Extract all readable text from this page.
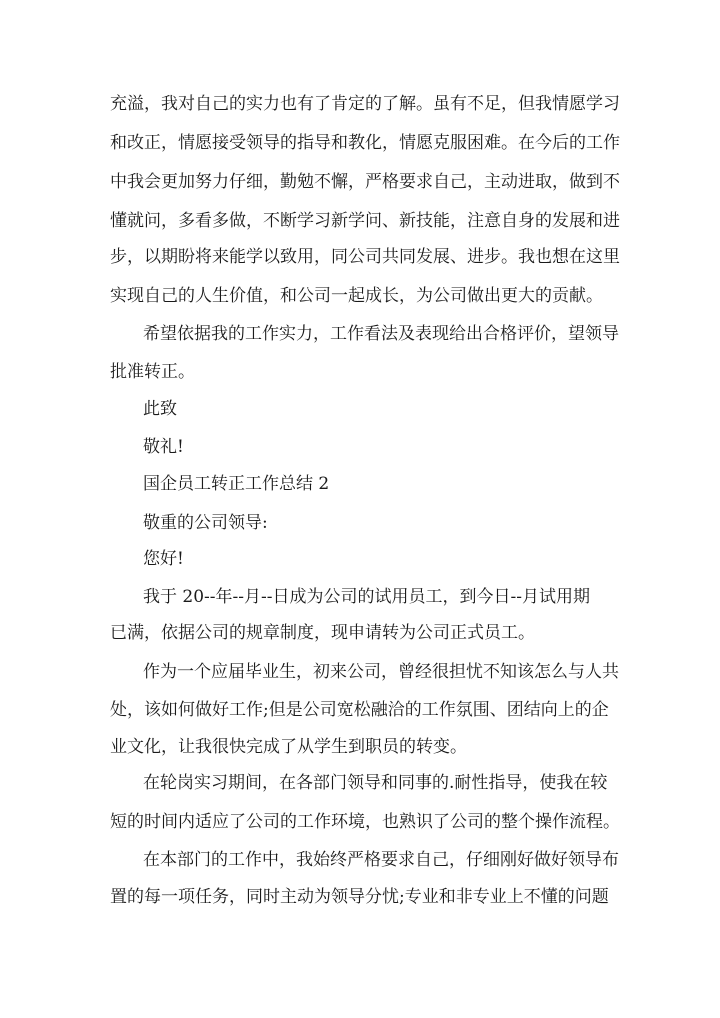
充溢，我对自己的实力也有了肯定的了解。虽有不足，但我情愿学习
和改正，情愿接受领导的指导和教化，情愿克服困难。在今后的工作
中我会更加努力仔细，勤勉不懈，严格要求自己，主动进取，做到不
懂就问，多看多做，不断学习新学问、新技能，注意自身的发展和进
步，以期盼将来能学以致用，同公司共同发展、进步。我也想在这里
实现自己的人生价值，和公司一起成长，为公司做出更大的贡献。
希望依据我的工作实力，工作看法及表现给出合格评价，望领导
批准转正。
此致
敬礼!
国企员工转正工作总结 2
敬重的公司领导:
您好!
我于 20--年--月--日成为公司的试用员工，到今日--月试用期
已满，依据公司的规章制度，现申请转为公司正式员工。
作为一个应届毕业生，初来公司，曾经很担忧不知该怎么与人共
处，该如何做好工作;但是公司宽松融洽的工作氛围、团结向上的企
业文化，让我很快完成了从学生到职员的转变。
在轮岗实习期间，在各部门领导和同事的.耐性指导，使我在较
短的时间内适应了公司的工作环境，也熟识了公司的整个操作流程。
在本部门的工作中，我始终严格要求自己，仔细刚好做好领导布
置的每一项任务，同时主动为领导分忧;专业和非专业上不懂的问题
